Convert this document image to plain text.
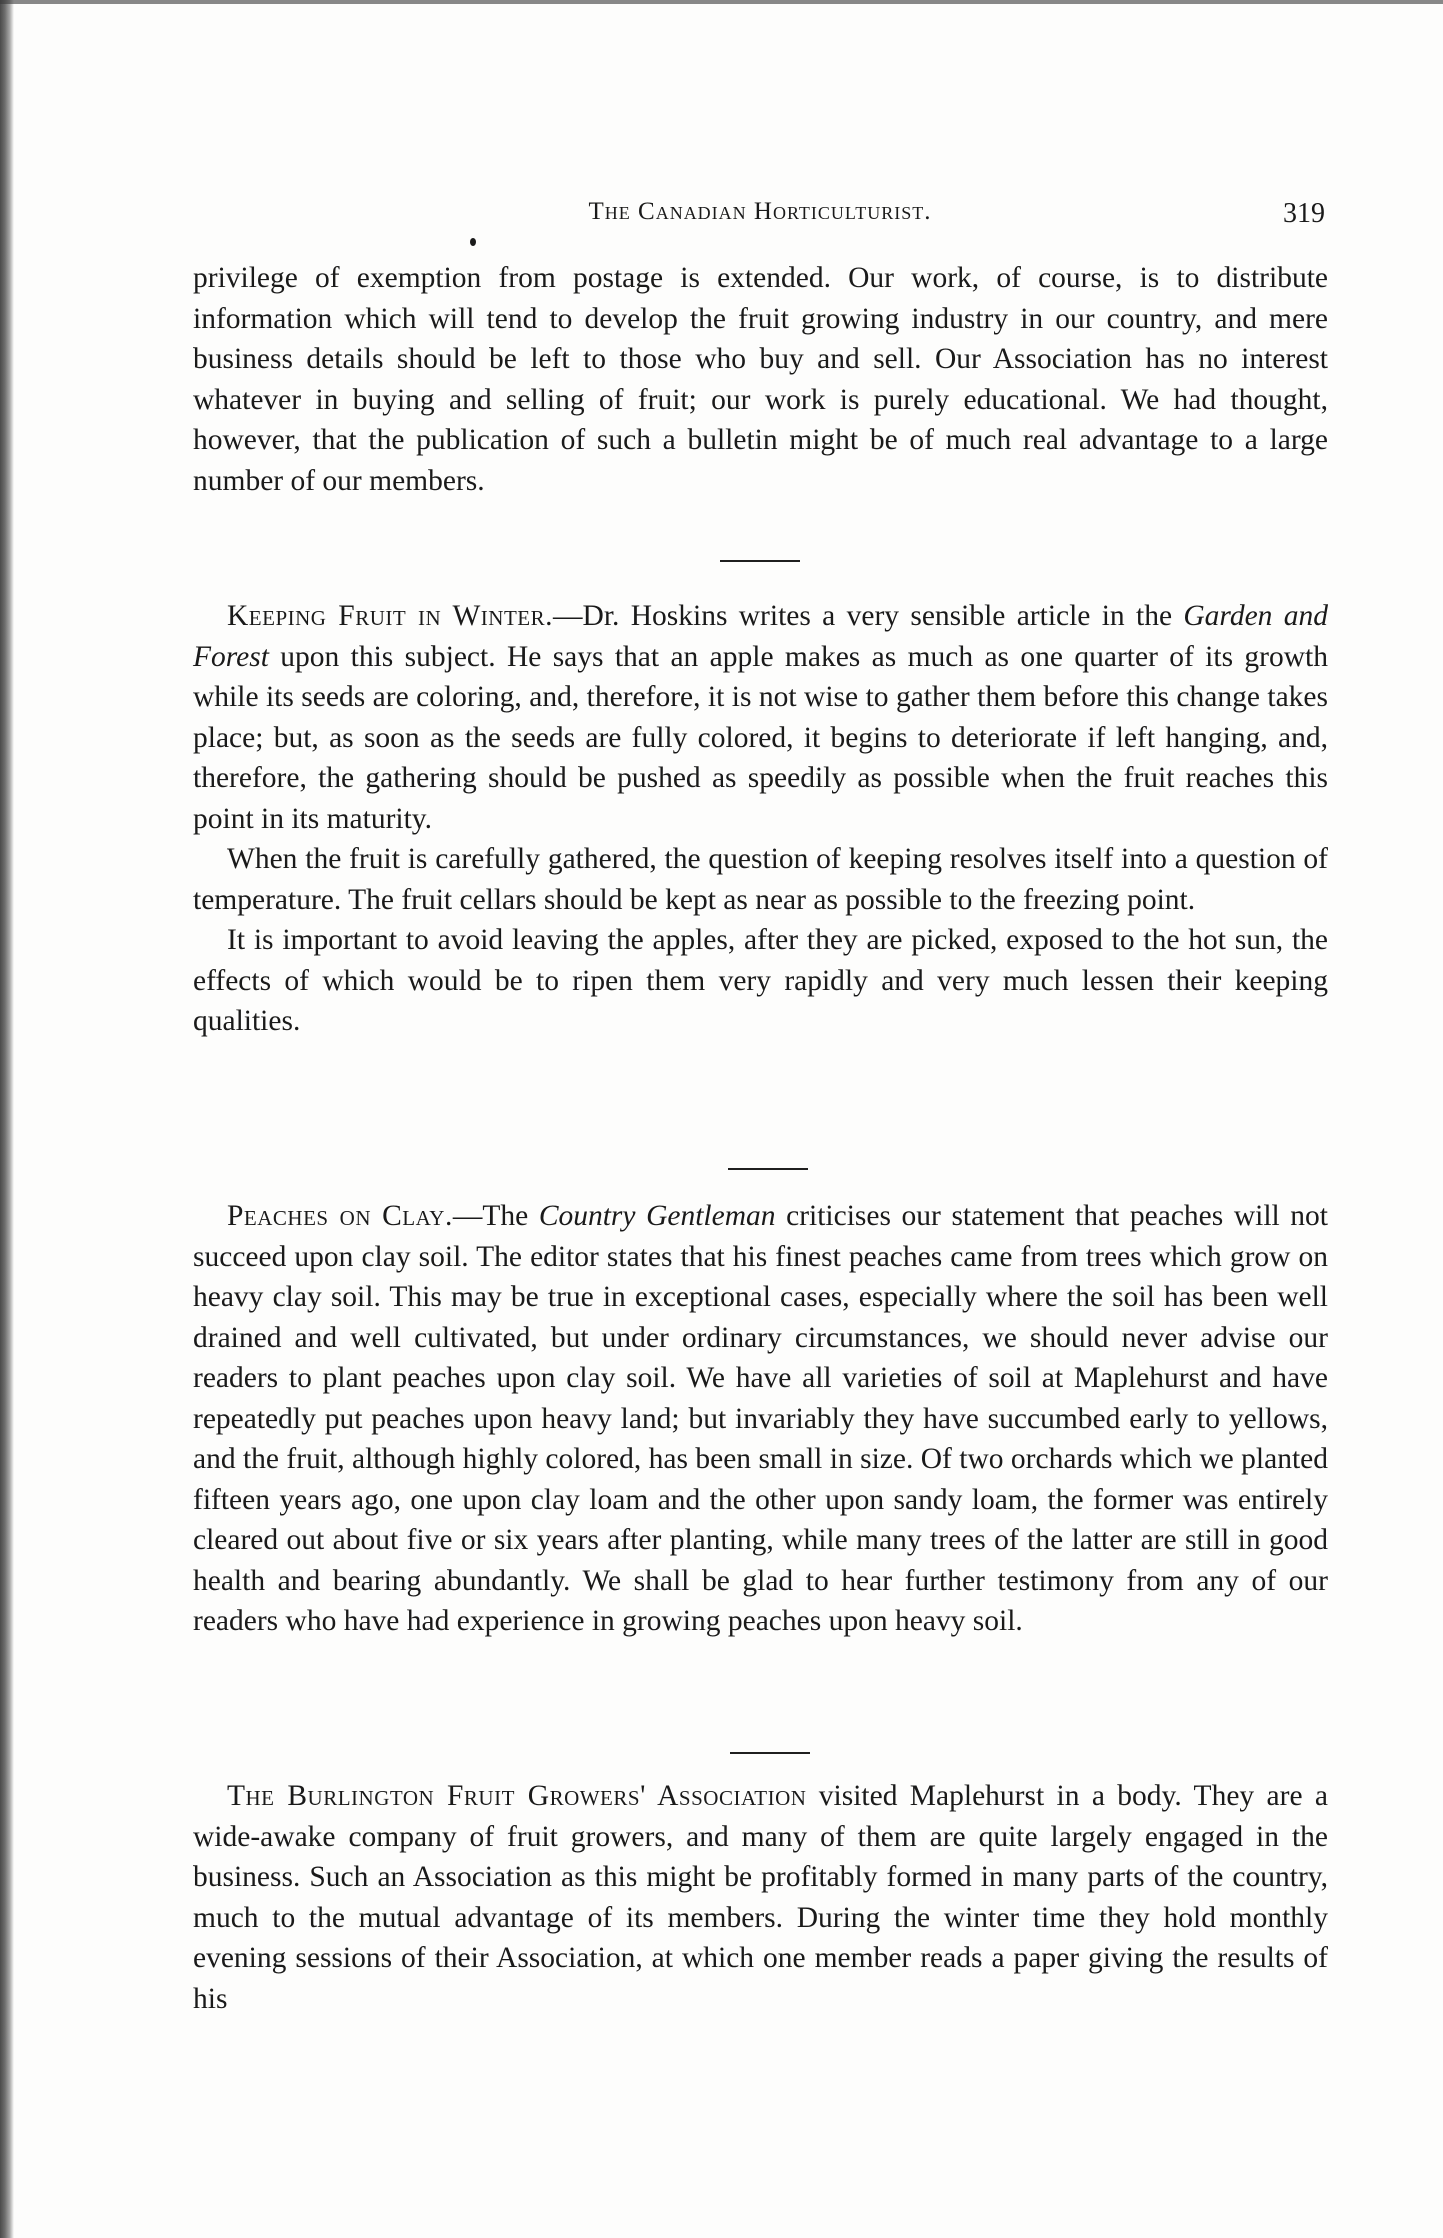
The Canadian Horticulturist.	319

privilege of exemption from postage is extended. Our work, of course, is to distribute information which will tend to develop the fruit growing industry in our country, and mere business details should be left to those who buy and sell. Our Association has no interest whatever in buying and selling of fruit; our work is purely educational. We had thought, however, that the publication of such a bulletin might be of much real advantage to a large number of our members.

Keeping Fruit in Winter.—Dr. Hoskins writes a very sensible article in the Garden and Forest upon this subject. He says that an apple makes as much as one quarter of its growth while its seeds are coloring, and, therefore, it is not wise to gather them before this change takes place; but, as soon as the seeds are fully colored, it begins to deteriorate if left hanging, and, therefore, the gathering should be pushed as speedily as possible when the fruit reaches this point in its maturity.

When the fruit is carefully gathered, the question of keeping resolves itself into a question of temperature. The fruit cellars should be kept as near as possible to the freezing point.

It is important to avoid leaving the apples, after they are picked, exposed to the hot sun, the effects of which would be to ripen them very rapidly and very much lessen their keeping qualities.

Peaches on Clay.—The Country Gentleman criticises our statement that peaches will not succeed upon clay soil. The editor states that his finest peaches came from trees which grow on heavy clay soil. This may be true in exceptional cases, especially where the soil has been well drained and well cultivated, but under ordinary circumstances, we should never advise our readers to plant peaches upon clay soil. We have all varieties of soil at Maplehurst and have repeatedly put peaches upon heavy land; but invariably they have succumbed early to yellows, and the fruit, although highly colored, has been small in size. Of two orchards which we planted fifteen years ago, one upon clay loam and the other upon sandy loam, the former was entirely cleared out about five or six years after planting, while many trees of the latter are still in good health and bearing abundantly. We shall be glad to hear further testimony from any of our readers who have had experience in growing peaches upon heavy soil.

The Burlington Fruit Growers' Association visited Maplehurst in a body. They are a wide-awake company of fruit growers, and many of them are quite largely engaged in the business. Such an Association as this might be profitably formed in many parts of the country, much to the mutual advantage of its members. During the winter time they hold monthly evening sessions of their Association, at which one member reads a paper giving the results of his
